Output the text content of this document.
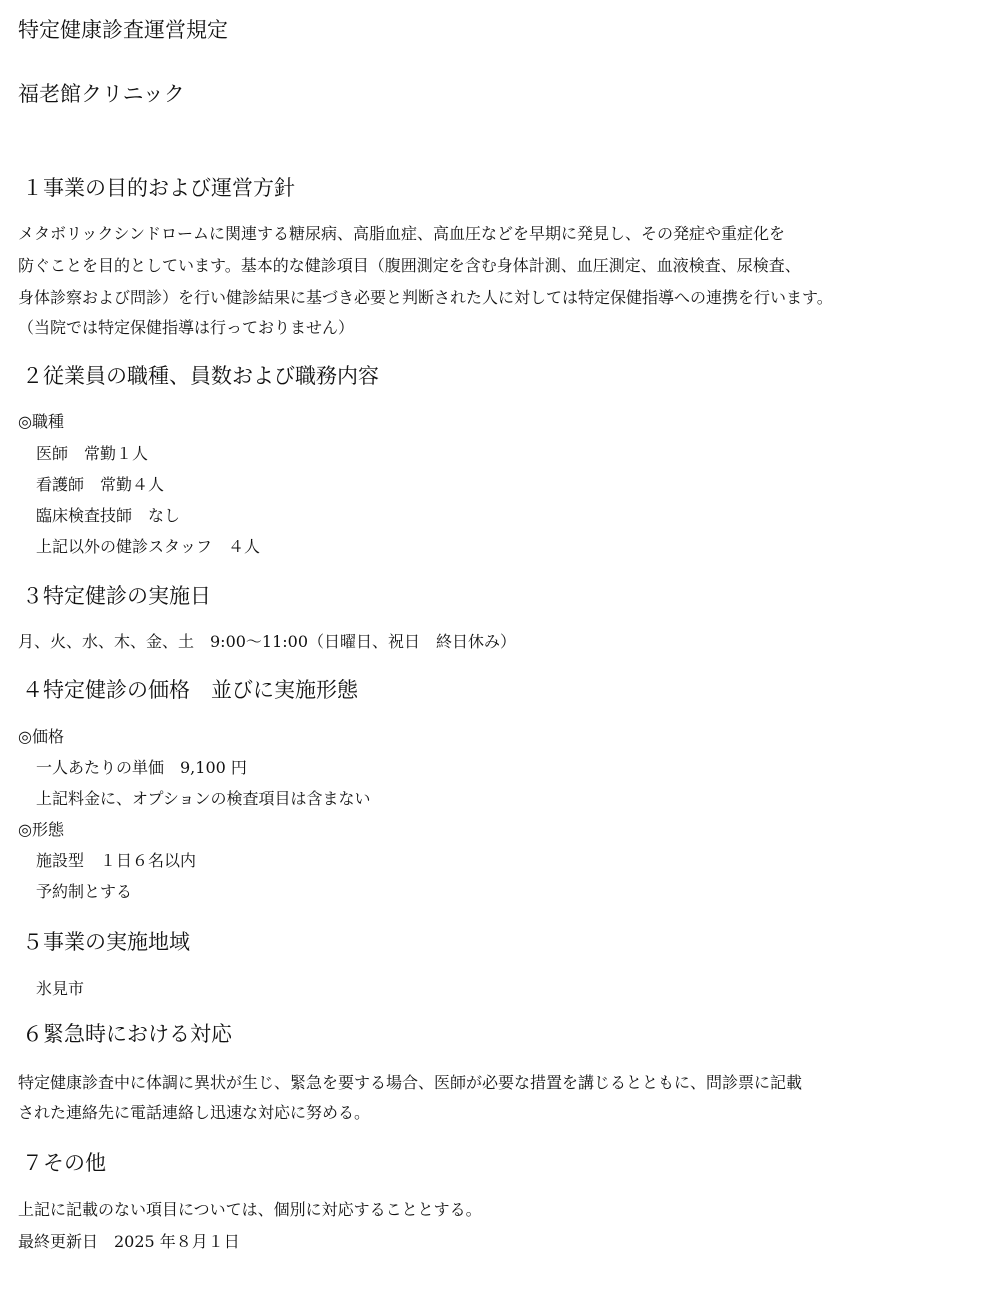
特定健康診査運営規定
福老館クリニック
１事業の目的および運営方針
メタボリックシンドロームに関連する糖尿病、高脂血症、高血圧などを早期に発見し、その発症や重症化を
防ぐことを目的としています。基本的な健診項目（腹囲測定を含む身体計測、血圧測定、血液検査、尿検査、
身体診察および問診）を行い健診結果に基づき必要と判断された人に対しては特定保健指導への連携を行います。
（当院では特定保健指導は行っておりません）
２従業員の職種、員数および職務内容
◎職種
医師　常勤１人
看護師　常勤４人
臨床検査技師　なし
上記以外の健診スタッフ　４人
３特定健診の実施日
月、火、水、木、金、土　9:00～11:00（日曜日、祝日　終日休み）
４特定健診の価格　並びに実施形態
◎価格
一人あたりの単価　9,100 円
上記料金に、オプションの検査項目は含まない
◎形態
施設型　１日６名以内
予約制とする
５事業の実施地域
氷見市
６緊急時における対応
特定健康診査中に体調に異状が生じ、緊急を要する場合、医師が必要な措置を講じるとともに、問診票に記載
された連絡先に電話連絡し迅速な対応に努める。
７その他
上記に記載のない項目については、個別に対応することとする。
最終更新日　2025 年８月１日
